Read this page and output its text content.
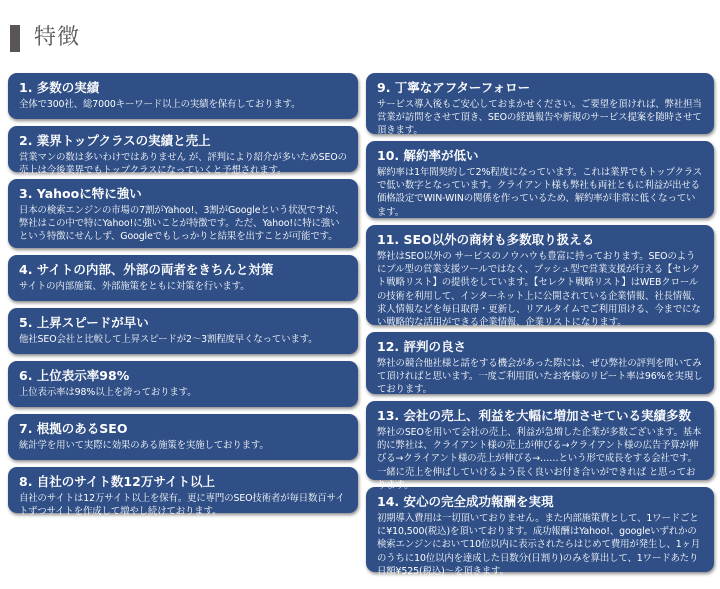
特徴
1. 多数の実績
全体で300社、総7000キーワード以上の実績を保有しております。
2. 業界トップクラスの実績と売上
営業マンの数は多いわけではありません が、評判により紹介が多いためSEOの売上は今後業界でもトップクラスになっていくと予想されます。
3. Yahooに特に強い
日本の検索エンジンの市場の7割がYahoo!、3割がGoogleという状況ですが、弊社はこの中で特にYahoo!に強いことが特徴です。ただ、Yahoo!に特に強いという特徴にせんしず、Googleでもしっかりと結果を出すことが可能です。
4. サイトの内部、外部の両者をきちんと対策
サイトの内部施策、外部施策をともに対策を行います。
5. 上昇スピードが早い
他社SEO会社と比較して上昇スピードが2～3割程度早くなっています。
6. 上位表示率98%
上位表示率は98%以上を誇っております。
7. 根拠のあるSEO
統計学を用いて実際に効果のある施策を実施しております。
8. 自社のサイト数12万サイト以上
自社のサイトは12万サイト以上を保有。更に専門のSEO技術者が毎日数百サイトずつサイトを作成して増やし続けております。
9. 丁寧なアフターフォロー
サービス導入後もご安心しておまかせください。ご要望を頂ければ、弊社担当営業が訪問をさせて頂き、SEOの経過報告や新規のサービス提案を随時させて頂きます。
10. 解約率が低い
解約率は1年間契約して2%程度になっています。これは業界でもトップクラスで低い数字となっています。クライアント様も弊社も両社ともに利益が出せる価格設定でWIN-WINの関係を作っているため、解約率が非常に低くなっています。
11. SEO以外の商材も多数取り扱える
弊社はSEO以外の サービスのノウハウも豊富に持っております。SEOのようにプル型の営業支援ツールではなく、プッシュ型で営業支援が行える【セレクト戦略リスト】の提供をしています。【セレクト戦略リスト】はWEBクロールの技術を利用して、インターネット上に公開されている企業情報、社長情報、求人情報などを毎日取得・更新し、リアルタイムでご利用頂ける、今までにない戦略的な活用ができる企業情報、企業リストになります。
12. 評判の良さ
弊社の競合他社様と話をする機会があった際には、ぜひ弊社の評判を聞いてみて頂ければと思います。一度ご利用頂いたお客様のリピート率は96%を実現しております。
13. 会社の売上、利益を大幅に増加させている実績多数
弊社のSEOを用いて会社の売上、利益が急増した企業が多数ございます。基本的に弊社は、クライアント様の売上が伸びる→クライアント様の広告予算が伸びる→クライアント様の売上が伸びる→……という形で成長をする会社です。一緒に売上を伸ばしていけるよう長く良いお付き合いができれば と思っております。
14. 安心の完全成功報酬を実現
初期導入費用は一切頂いておりません。また内部施策費として、1ワードごとに¥10,500(税込)を頂いております。成功報酬はYahoo!、googleいずれかの検索エンジンにおいて10位以内に表示されたらはじめて費用が発生し、1ヶ月のうちに10位以内を達成した日数分(日割り)のみを算出して、1ワードあたり日額¥525(税込)～を頂きます。
